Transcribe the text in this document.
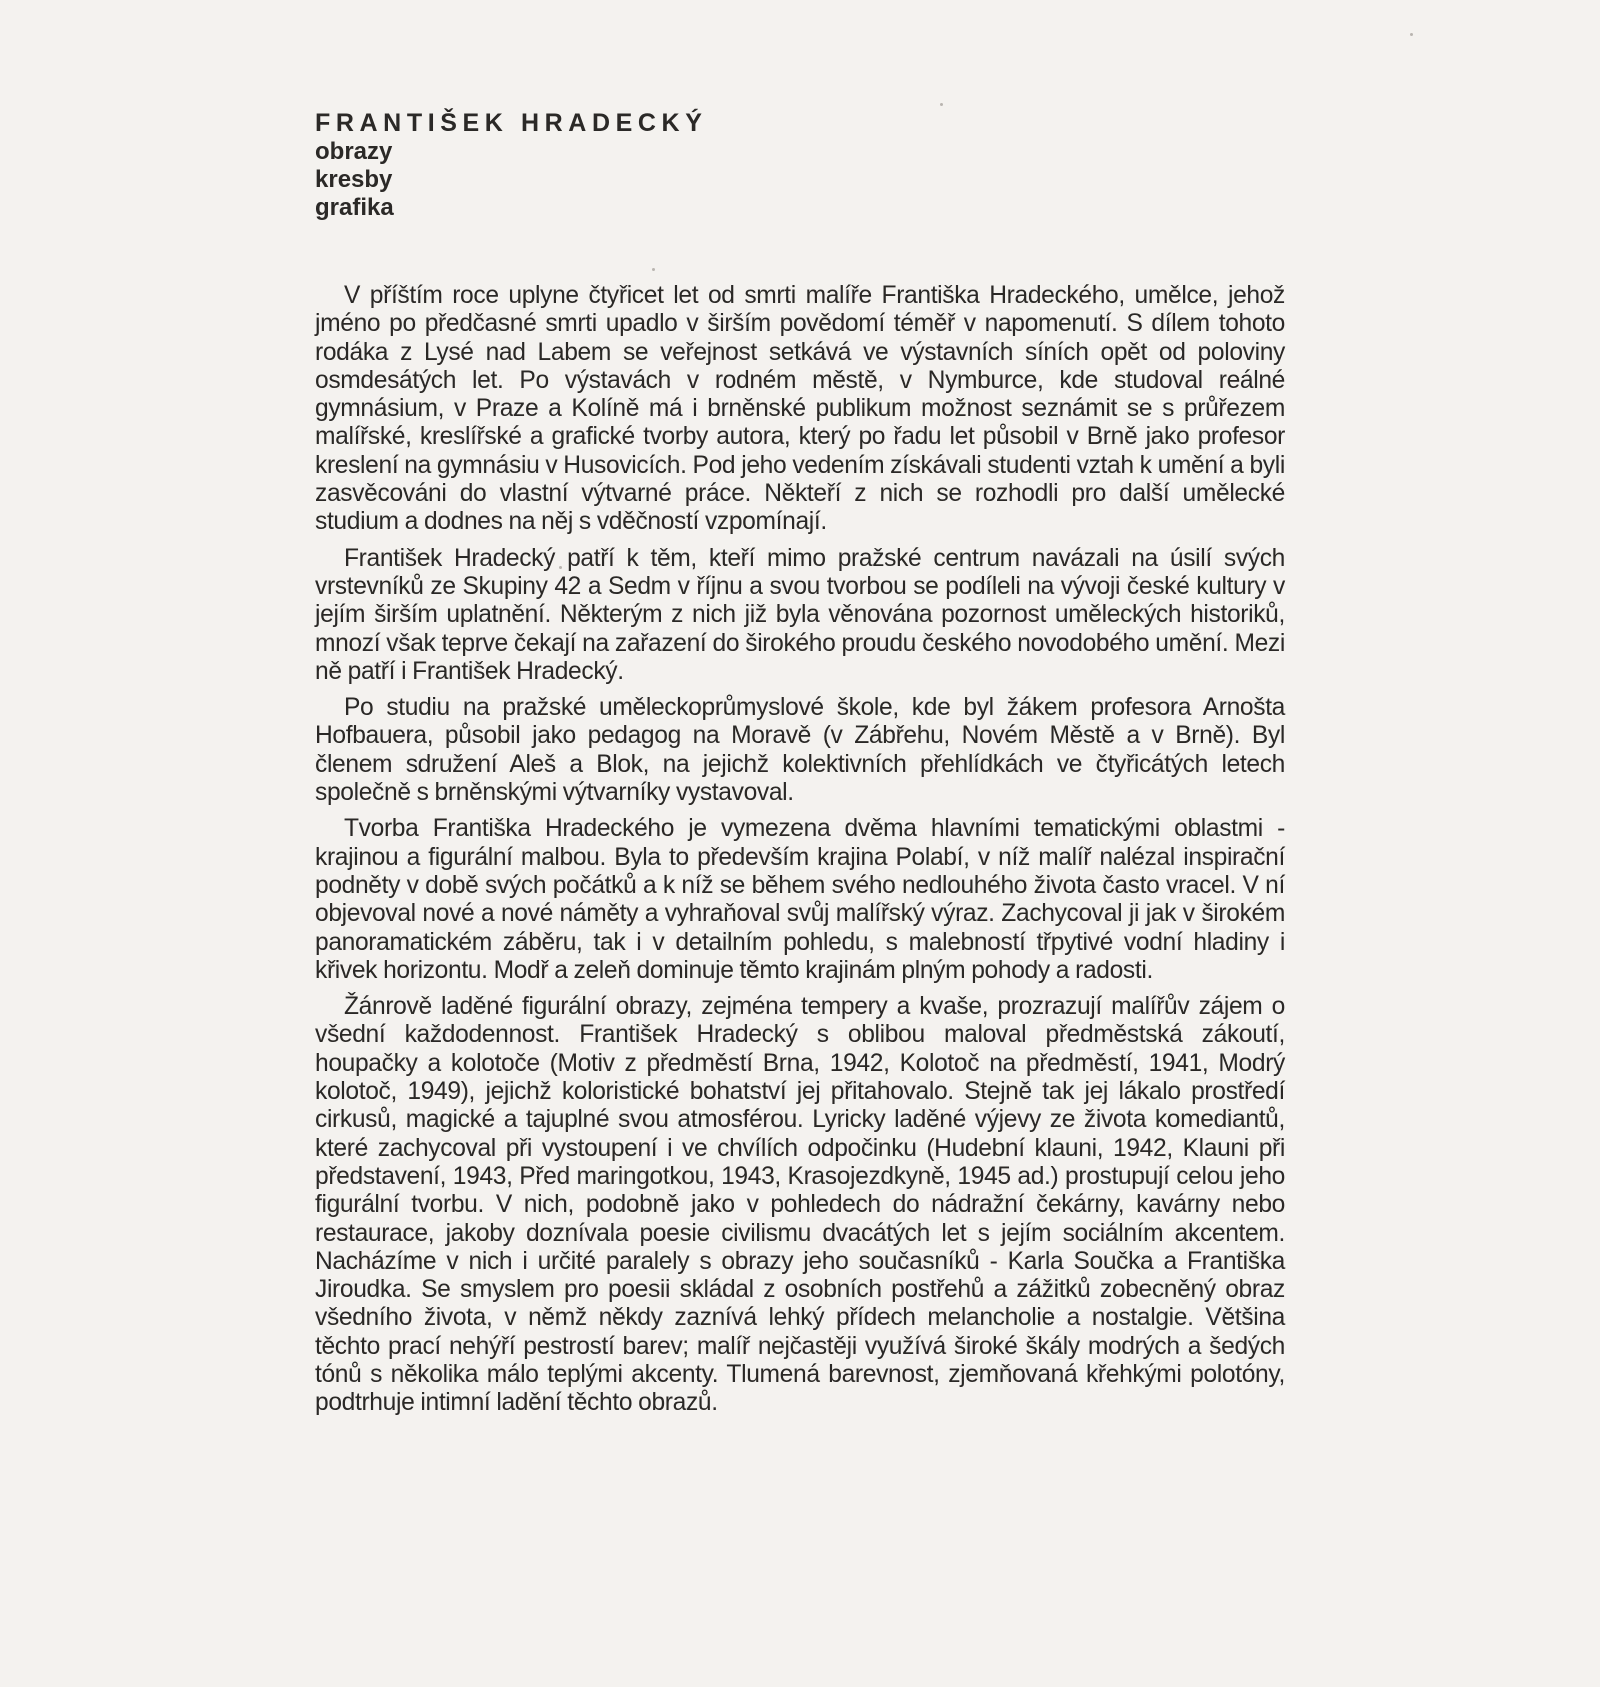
FRANTIŠEK HRADECKÝ

obrazy

kresby

grafika

V příštím roce uplyne čtyřicet let od smrti malíře Františka Hradeckého, umělce, jehož jméno po předčasné smrti upadlo v širším povědomí téměř v napomenutí. S dílem tohoto rodáka z Lysé nad Labem se veřejnost setkává ve výstavních síních opět od poloviny osmdesátých let. Po výstavách v rodném městě, v Nymburce, kde studoval reálné gymnásium, v Praze a Kolíně má i brněnské publikum možnost seznámit se s průřezem malířské, kreslířské a grafické tvorby autora, který po řadu let působil v Brně jako profesor kreslení na gymnásiu v Husovicích. Pod jeho vedením získávali studenti vztah k umění a byli zasvěcováni do vlastní výtvarné práce. Někteří z nich se rozhodli pro další umělecké studium a dodnes na něj s vděčností vzpomínají.

František Hradecký patří k těm, kteří mimo pražské centrum navázali na úsilí svých vrstevníků ze Skupiny 42 a Sedm v říjnu a svou tvorbou se podíleli na vývoji české kultury v jejím širším uplatnění. Některým z nich již byla věnována pozornost uměleckých historiků, mnozí však teprve čekají na zařazení do širokého proudu českého novodobého umění. Mezi ně patří i František Hradecký.

Po studiu na pražské uměleckoprůmyslové škole, kde byl žákem profesora Arnošta Hofbauera, působil jako pedagog na Moravě (v Zábřehu, Novém Městě a v Brně). Byl členem sdružení Aleš a Blok, na jejichž kolektivních přehlídkách ve čtyřicátých letech společně s brněnskými výtvarníky vystavoval.

Tvorba Františka Hradeckého je vymezena dvěma hlavními tematickými oblastmi - krajinou a figurální malbou. Byla to především krajina Polabí, v níž malíř nalézal inspirační podněty v době svých počátků a k níž se během svého nedlouhého života často vracel. V ní objevoval nové a nové náměty a vyhraňoval svůj malířský výraz. Zachycoval ji jak v širokém panoramatickém záběru, tak i v detailním pohledu, s malebností třpytivé vodní hladiny i křivek horizontu. Modř a zeleň dominuje těmto krajinám plným pohody a radosti.

Žánrově laděné figurální obrazy, zejména tempery a kvaše, prozrazují malířův zájem o všední každodennost. František Hradecký s oblibou maloval předměstská zákoutí, houpačky a kolotoče (Motiv z předměstí Brna, 1942, Kolotoč na předměstí, 1941, Modrý kolotoč, 1949), jejichž koloristické bohatství jej přitahovalo. Stejně tak jej lákalo prostředí cirkusů, magické a tajuplné svou atmosférou. Lyricky laděné výjevy ze života komediantů, které zachycoval při vystoupení i ve chvílích odpočinku (Hudební klauni, 1942, Klauni při představení, 1943, Před maringotkou, 1943, Krasojezdkyně, 1945 ad.) prostupují celou jeho figurální tvorbu. V nich, podobně jako v pohledech do nádražní čekárny, kavárny nebo restaurace, jakoby doznívala poesie civilismu dvacátých let s jejím sociálním akcentem. Nacházíme v nich i určité paralely s obrazy jeho současníků - Karla Součka a Františka Jiroudka. Se smyslem pro poesii skládal z osobních postřehů a zážitků zobecněný obraz všedního života, v němž někdy zaznívá lehký přídech melancholie a nostalgie. Většina těchto prací nehýří pestrostí barev; malíř nejčastěji využívá široké škály modrých a šedých tónů s několika málo teplými akcenty. Tlumená barevnost, zjemňovaná křehkými polotóny, podtrhuje intimní ladění těchto obrazů.
